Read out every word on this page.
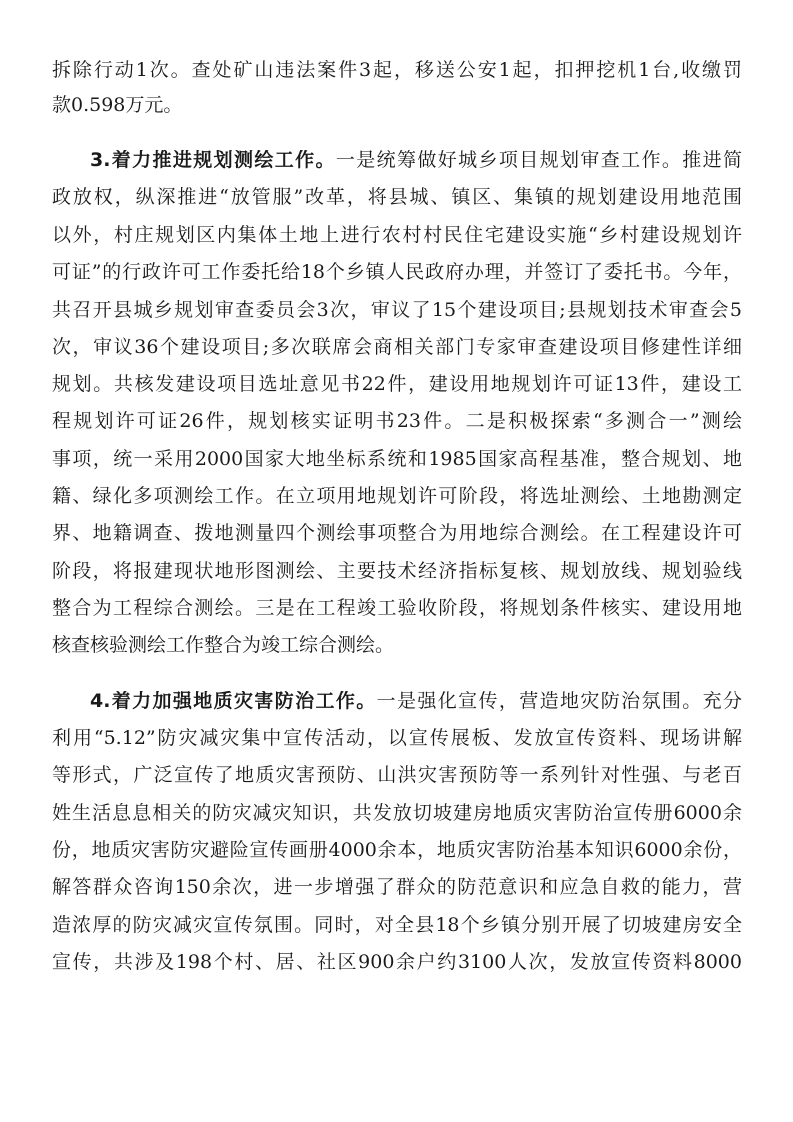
拆除行动1次。查处矿山违法案件3起，移送公安1起，扣押挖机1台,收缴罚
款0.598万元。
3.着力推进规划测绘工作。一是统筹做好城乡项目规划审查工作。推进简
政放权，纵深推进“放管服”改革，将县城、镇区、集镇的规划建设用地范围
以外，村庄规划区内集体土地上进行农村村民住宅建设实施“乡村建设规划许
可证”的行政许可工作委托给18个乡镇人民政府办理，并签订了委托书。今年，
共召开县城乡规划审查委员会3次，审议了15个建设项目;县规划技术审查会5
次，审议36个建设项目;多次联席会商相关部门专家审查建设项目修建性详细
规划。共核发建设项目选址意见书22件，建设用地规划许可证13件，建设工
程规划许可证26件，规划核实证明书23件。二是积极探索“多测合一”测绘
事项，统一采用2000国家大地坐标系统和1985国家高程基准，整合规划、地
籍、绿化多项测绘工作。在立项用地规划许可阶段，将选址测绘、土地勘测定
界、地籍调查、拨地测量四个测绘事项整合为用地综合测绘。在工程建设许可
阶段，将报建现状地形图测绘、主要技术经济指标复核、规划放线、规划验线
整合为工程综合测绘。三是在工程竣工验收阶段，将规划条件核实、建设用地
核查核验测绘工作整合为竣工综合测绘。
4.着力加强地质灾害防治工作。一是强化宣传，营造地灾防治氛围。充分
利用“5.12”防灾减灾集中宣传活动，以宣传展板、发放宣传资料、现场讲解
等形式，广泛宣传了地质灾害预防、山洪灾害预防等一系列针对性强、与老百
姓生活息息相关的防灾减灾知识，共发放切坡建房地质灾害防治宣传册6000余
份，地质灾害防灾避险宣传画册4000余本，地质灾害防治基本知识6000余份，
解答群众咨询150余次，进一步增强了群众的防范意识和应急自救的能力，营
造浓厚的防灾减灾宣传氛围。同时，对全县18个乡镇分别开展了切坡建房安全
宣传，共涉及198个村、居、社区900余户约3100人次，发放宣传资料8000
